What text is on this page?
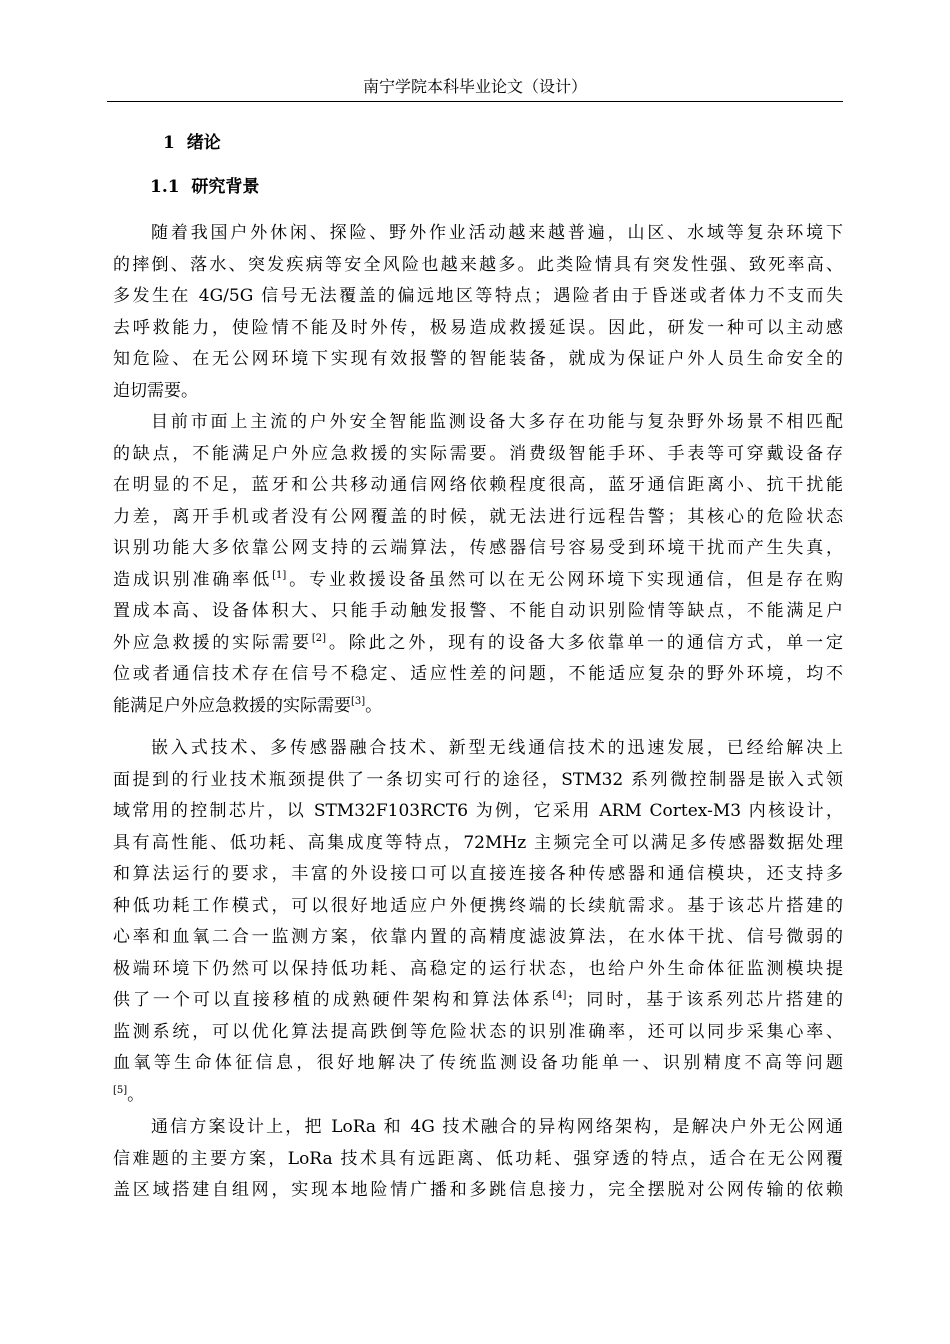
南宁学院本科毕业论文（设计）
1 绪论
1.1 研究背景
随着我国户外休闲、探险、野外作业活动越来越普遍，山区、水域等复杂环境下
的摔倒、落水、突发疾病等安全风险也越来越多。此类险情具有突发性强、致死率高、
多发生在 4G/5G 信号无法覆盖的偏远地区等特点；遇险者由于昏迷或者体力不支而失
去呼救能力，使险情不能及时外传，极易造成救援延误。因此，研发一种可以主动感
知危险、在无公网环境下实现有效报警的智能装备，就成为保证户外人员生命安全的
迫切需要。
目前市面上主流的户外安全智能监测设备大多存在功能与复杂野外场景不相匹配
的缺点，不能满足户外应急救援的实际需要。消费级智能手环、手表等可穿戴设备存
在明显的不足，蓝牙和公共移动通信网络依赖程度很高，蓝牙通信距离小、抗干扰能
力差，离开手机或者没有公网覆盖的时候，就无法进行远程告警；其核心的危险状态
识别功能大多依靠公网支持的云端算法，传感器信号容易受到环境干扰而产生失真，
造成识别准确率低[1]。专业救援设备虽然可以在无公网环境下实现通信，但是存在购
置成本高、设备体积大、只能手动触发报警、不能自动识别险情等缺点，不能满足户
外应急救援的实际需要[2]。除此之外，现有的设备大多依靠单一的通信方式，单一定
位或者通信技术存在信号不稳定、适应性差的问题，不能适应复杂的野外环境，均不
能满足户外应急救援的实际需要[3]。
嵌入式技术、多传感器融合技术、新型无线通信技术的迅速发展，已经给解决上
面提到的行业技术瓶颈提供了一条切实可行的途径，STM32 系列微控制器是嵌入式领
域常用的控制芯片，以 STM32F103RCT6 为例，它采用 ARM Cortex-M3 内核设计，
具有高性能、低功耗、高集成度等特点，72MHz 主频完全可以满足多传感器数据处理
和算法运行的要求，丰富的外设接口可以直接连接各种传感器和通信模块，还支持多
种低功耗工作模式，可以很好地适应户外便携终端的长续航需求。基于该芯片搭建的
心率和血氧二合一监测方案，依靠内置的高精度滤波算法，在水体干扰、信号微弱的
极端环境下仍然可以保持低功耗、高稳定的运行状态，也给户外生命体征监测模块提
供了一个可以直接移植的成熟硬件架构和算法体系[4]；同时，基于该系列芯片搭建的
监测系统，可以优化算法提高跌倒等危险状态的识别准确率，还可以同步采集心率、
血氧等生命体征信息，很好地解决了传统监测设备功能单一、识别精度不高等问题
[5]。
通信方案设计上，把 LoRa 和 4G 技术融合的异构网络架构，是解决户外无公网通
信难题的主要方案，LoRa 技术具有远距离、低功耗、强穿透的特点，适合在无公网覆
盖区域搭建自组网，实现本地险情广播和多跳信息接力，完全摆脱对公网传输的依赖
